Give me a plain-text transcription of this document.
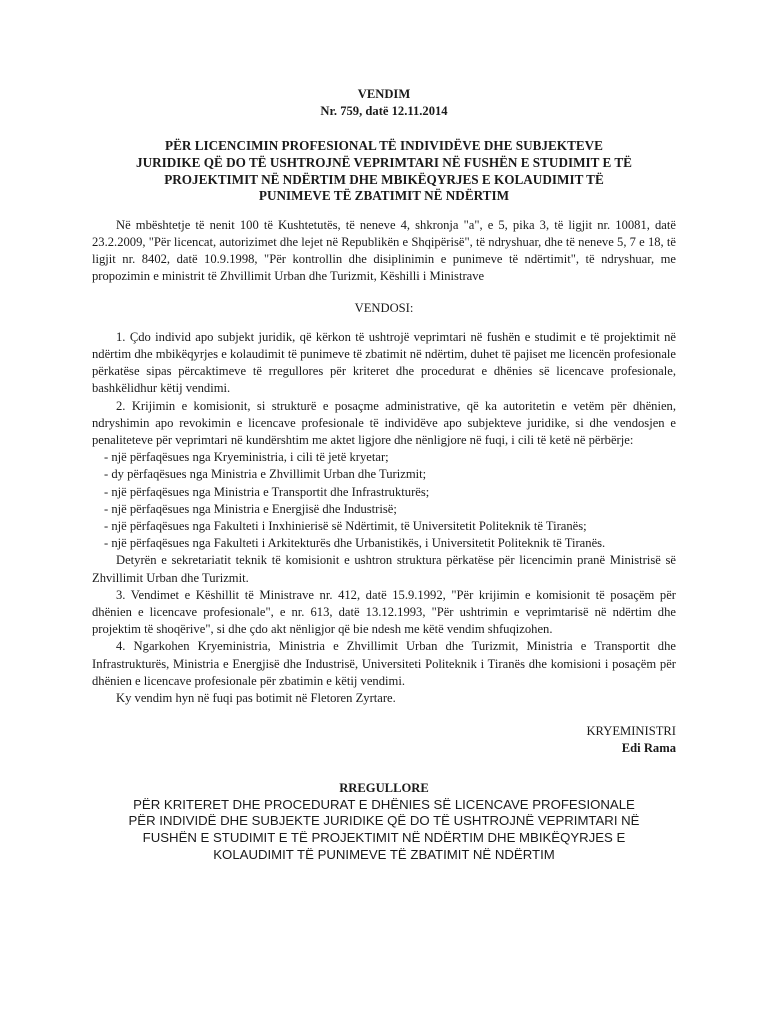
VENDIM
Nr. 759, datë 12.11.2014
PËR LICENCIMIN PROFESIONAL TË INDIVIDËVE DHE SUBJEKTEVE
JURIDIKE QË DO TË USHTROJNË VEPRIMTARI NË FUSHËN E STUDIMIT E TË
PROJEKTIMIT NË NDËRTIM DHE MBIKËQYRJES E KOLAUDIMIT TË
PUNIMEVE TË ZBATIMIT NË NDËRTIM

Në mbështetje të nenit 100 të Kushtetutës, të neneve 4, shkronja "a", e 5, pika 3, të ligjit nr. 10081, datë 23.2.2009, "Për licencat, autorizimet dhe lejet në Republikën e Shqipërisë", të ndryshuar, dhe të neneve 5, 7 e 18, të ligjit nr. 8402, datë 10.9.1998, "Për kontrollin dhe disiplinimin e punimeve të ndërtimit", të ndryshuar, me propozimin e ministrit të Zhvillimit Urban dhe Turizmit, Këshilli i Ministrave

VENDOSI:

1. Çdo individ apo subjekt juridik, që kërkon të ushtrojë veprimtari në fushën e studimit e të projektimit në ndërtim dhe mbikëqyrjes e kolaudimit të punimeve të zbatimit në ndërtim, duhet të pajiset me licencën profesionale përkatëse sipas përcaktimeve të rregullores për kriteret dhe procedurat e dhënies së licencave profesionale, bashkëlidhur këtij vendimi.

2. Krijimin e komisionit, si strukturë e posaçme administrative, që ka autoritetin e vetëm për dhënien, ndryshimin apo revokimin e licencave profesionale të individëve apo subjekteve juridike, si dhe vendosjen e penaliteteve për veprimtari në kundërshtim me aktet ligjore dhe nënligjore në fuqi, i cili të ketë në përbërje:

- një përfaqësues nga Kryeministria, i cili të jetë kryetar;

- dy përfaqësues nga Ministria e Zhvillimit Urban dhe Turizmit;

- një përfaqësues nga Ministria e Transportit dhe Infrastrukturës;

- një përfaqësues nga Ministria e Energjisë dhe Industrisë;

- një përfaqësues nga Fakulteti i Inxhinierisë së Ndërtimit, të Universitetit Politeknik të Tiranës;

- një përfaqësues nga Fakulteti i Arkitekturës dhe Urbanistikës, i Universitetit Politeknik të Tiranës.

Detyrën e sekretariatit teknik të komisionit e ushtron struktura përkatëse për licencimin pranë Ministrisë së Zhvillimit Urban dhe Turizmit.

3. Vendimet e Këshillit të Ministrave nr. 412, datë 15.9.1992, "Për krijimin e komisionit të posaçëm për dhënien e licencave profesionale", e nr. 613, datë 13.12.1993, "Për ushtrimin e veprimtarisë në ndërtim dhe projektim të shoqërive", si dhe çdo akt nënligjor që bie ndesh me këtë vendim shfuqizohen.

4. Ngarkohen Kryeministria, Ministria e Zhvillimit Urban dhe Turizmit, Ministria e Transportit dhe Infrastrukturës, Ministria e Energjisë dhe Industrisë, Universiteti Politeknik i Tiranës dhe komisioni i posaçëm për dhënien e licencave profesionale për zbatimin e këtij vendimi.

Ky vendim hyn në fuqi pas botimit në Fletoren Zyrtare.

KRYEMINISTRI
Edi Rama
RREGULLORE
PËR KRITERET DHE PROCEDURAT E DHËNIES SË LICENCAVE PROFESIONALE
PËR INDIVIDË DHE SUBJEKTE JURIDIKE QË DO TË USHTROJNË VEPRIMTARI NË
FUSHËN E STUDIMIT E TË PROJEKTIMIT NË NDËRTIM DHE MBIKËQYRJES E
KOLAUDIMIT TË PUNIMEVE TË ZBATIMIT NË NDËRTIM
